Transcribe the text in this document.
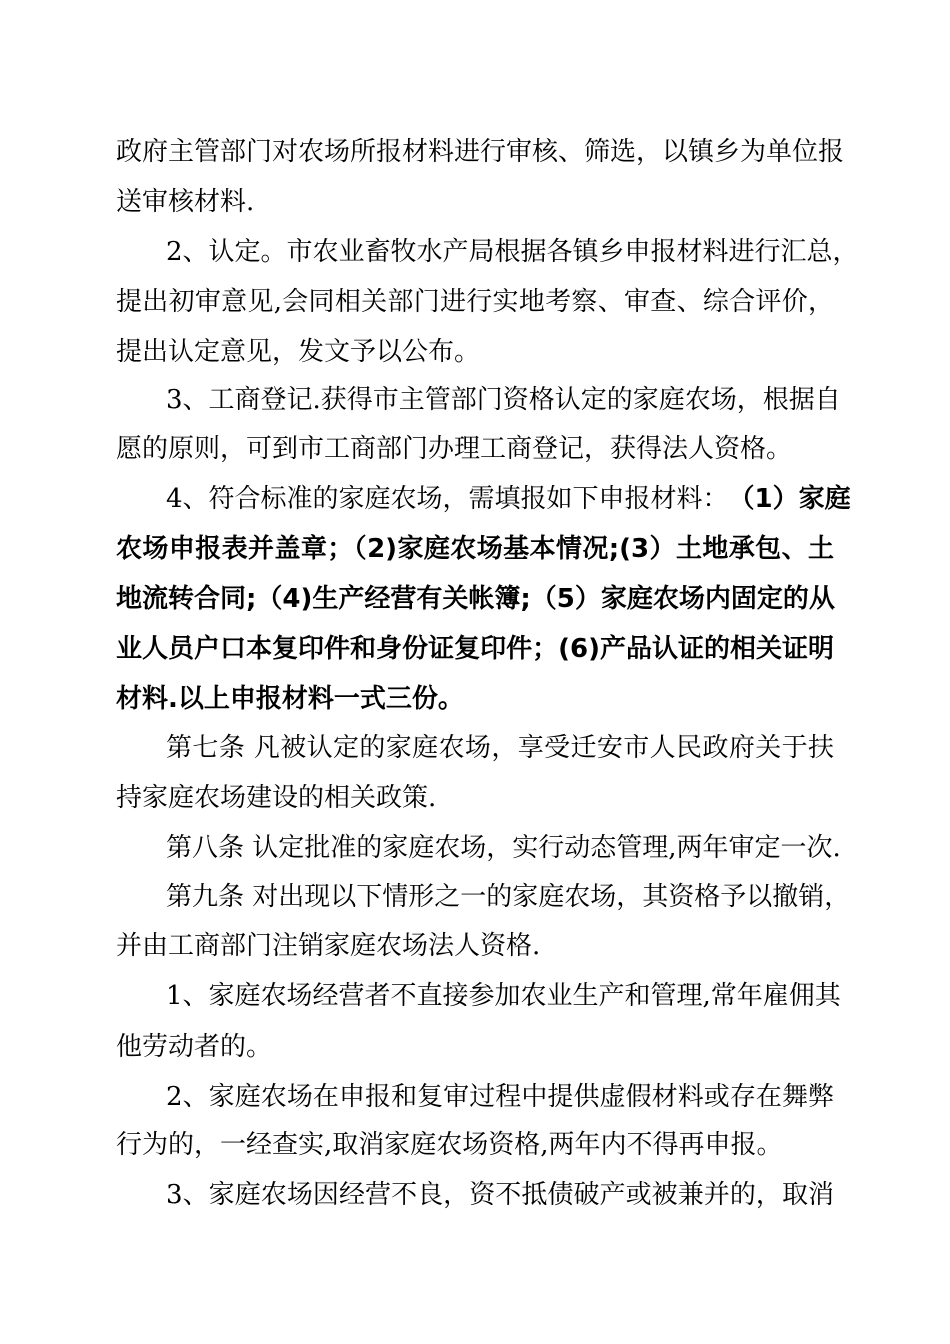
政府主管部门对农场所报材料进行审核、筛选，以镇乡为单位报
送审核材料.
2、认定。市农业畜牧水产局根据各镇乡申报材料进行汇总，
提出初审意见,会同相关部门进行实地考察、审查、综合评价，
提出认定意见，发文予以公布。
3、工商登记.获得市主管部门资格认定的家庭农场，根据自
愿的原则，可到市工商部门办理工商登记，获得法人资格。
4、符合标准的家庭农场，需填报如下申报材料： （1）家庭
农场申报表并盖章；（2)家庭农场基本情况;(3）土地承包、土
地流转合同;（4)生产经营有关帐簿;（5）家庭农场内固定的从
业人员户口本复印件和身份证复印件；(6)产品认证的相关证明
材料.以上申报材料一式三份。
第七条 凡被认定的家庭农场，享受迁安市人民政府关于扶
持家庭农场建设的相关政策.
第八条 认定批准的家庭农场，实行动态管理,两年审定一次.
第九条 对出现以下情形之一的家庭农场，其资格予以撤销，
并由工商部门注销家庭农场法人资格.
1、家庭农场经营者不直接参加农业生产和管理,常年雇佣其
他劳动者的。
2、家庭农场在申报和复审过程中提供虚假材料或存在舞弊
行为的，一经查实,取消家庭农场资格,两年内不得再申报。
3、家庭农场因经营不良，资不抵债破产或被兼并的，取消
